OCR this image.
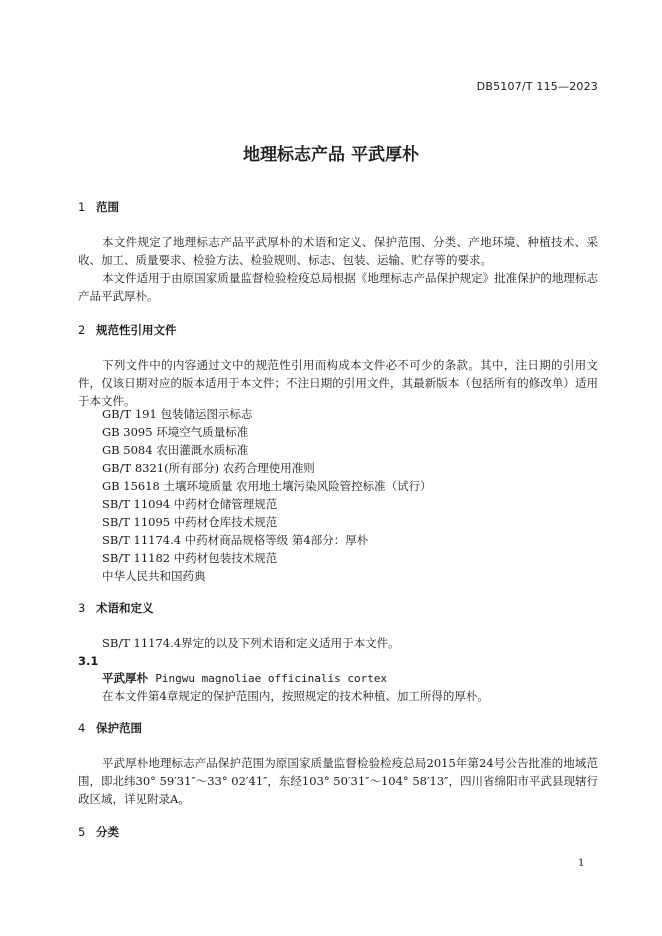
DB5107/T 115—2023
地理标志产品 平武厚朴
1 范围
本文件规定了地理标志产品平武厚朴的术语和定义、保护范围、分类、产地环境、种植技术、采收、加工、质量要求、检验方法、检验规则、标志、包装、运输、贮存等的要求。
本文件适用于由原国家质量监督检验检疫总局根据《地理标志产品保护规定》批准保护的地理标志产品平武厚朴。
2 规范性引用文件
下列文件中的内容通过文中的规范性引用而构成本文件必不可少的条款。其中，注日期的引用文件，仅该日期对应的版本适用于本文件；不注日期的引用文件，其最新版本（包括所有的修改单）适用于本文件。
GB/T 191 包装储运图示标志
GB 3095 环境空气质量标准
GB 5084 农田灌溉水质标准
GB/T 8321(所有部分) 农药合理使用准则
GB 15618 土壤环境质量 农用地土壤污染风险管控标准（试行）
SB/T 11094 中药材仓储管理规范
SB/T 11095 中药材仓库技术规范
SB/T 11174.4 中药材商品规格等级 第4部分：厚朴
SB/T 11182 中药材包装技术规范
中华人民共和国药典
3 术语和定义
SB/T 11174.4界定的以及下列术语和定义适用于本文件。
3.1
平武厚朴 Pingwu magnoliae officinalis cortex
在本文件第4章规定的保护范围内，按照规定的技术种植、加工所得的厚朴。
4 保护范围
平武厚朴地理标志产品保护范围为原国家质量监督检验检疫总局2015年第24号公告批准的地域范围，即北纬30° 59′31″～33° 02′41″，东经103° 50′31″～104° 58′13″，四川省绵阳市平武县现辖行政区域，详见附录A。
5 分类
1
